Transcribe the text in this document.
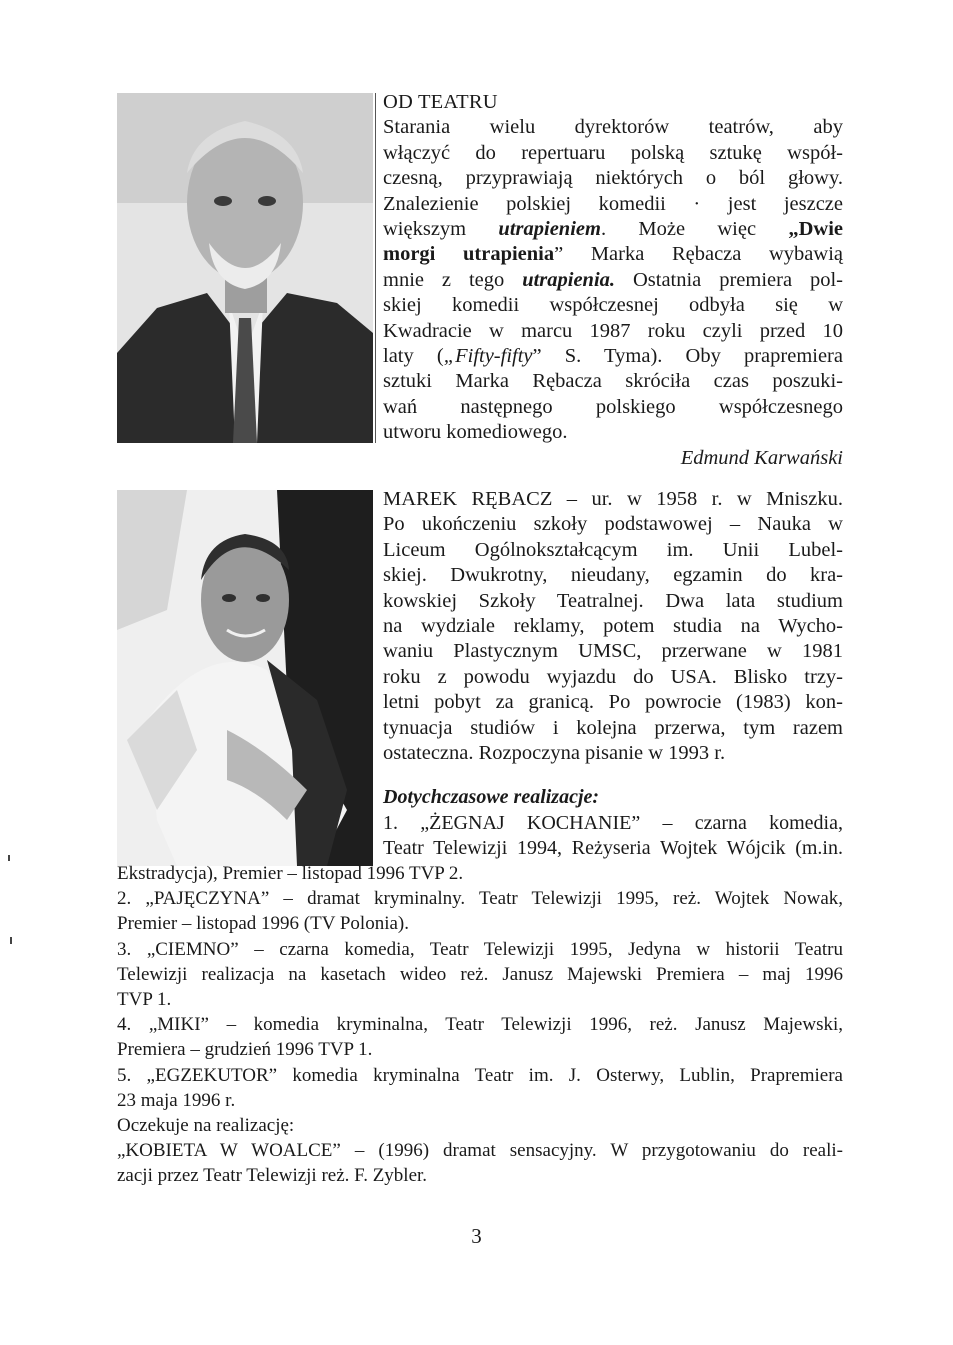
OD TEATRU

Starania wielu dyrektorów teatrów, aby

włączyć do repertuaru polską sztukę współ-

czesną, przyprawiają niektórych o ból głowy.

Znalezienie polskiej komedii · jest jeszcze

większym utrapieniem. Może więc „Dwie

morgi utrapienia” Marka Rębacza wybawią

mnie z tego utrapienia. Ostatnia premiera pol-

skiej komedii współczesnej odbyła się w

Kwadracie w marcu 1987 roku czyli przed 10

laty („Fifty-fifty” S. Tyma). Oby prapremiera

sztuki Marka Rębacza skróciła czas poszuki-

wań następnego polskiego współczesnego

utworu komediowego.

Edmund Karwański

MAREK RĘBACZ – ur. w 1958 r. w Mniszku.

Po ukończeniu szkoły podstawowej – Nauka w

Liceum Ogólnokształcącym im. Unii Lubel-

skiej. Dwukrotny, nieudany, egzamin do kra-

kowskiej Szkoły Teatralnej. Dwa lata studium

na wydziale reklamy, potem studia na Wycho-

waniu Plastycznym UMSC, przerwane w 1981

roku z powodu wyjazdu do USA. Blisko trzy-

letni pobyt za granicą. Po powrocie (1983) kon-

tynuacja studiów i kolejna przerwa, tym razem

ostateczna. Rozpoczyna pisanie w 1993 r.

Dotychczasowe realizacje:

1. „ŻEGNAJ KOCHANIE” – czarna komedia,

Teatr Telewizji 1994, Reżyseria Wojtek Wójcik (m.in.

Ekstradycja), Premier – listopad 1996 TVP 2.

2. „PAJĘCZYNA” – dramat kryminalny. Teatr Telewizji 1995, reż. Wojtek Nowak,

Premier – listopad 1996 (TV Polonia).

3. „CIEMNO” – czarna komedia, Teatr Telewizji 1995, Jedyna w historii Teatru

Telewizji realizacja na kasetach wideo reż. Janusz Majewski Premiera – maj 1996

TVP 1.

4. „MIKI” – komedia kryminalna, Teatr Telewizji 1996, reż. Janusz Majewski,

Premiera – grudzień 1996 TVP 1.

5. „EGZEKUTOR” komedia kryminalna Teatr im. J. Osterwy, Lublin, Prapremiera

23 maja 1996 r.

Oczekuje na realizację:

„KOBIETA W WOALCE” – (1996) dramat sensacyjny. W przygotowaniu do reali-

zacji przez Teatr Telewizji reż. F. Zybler.

3
